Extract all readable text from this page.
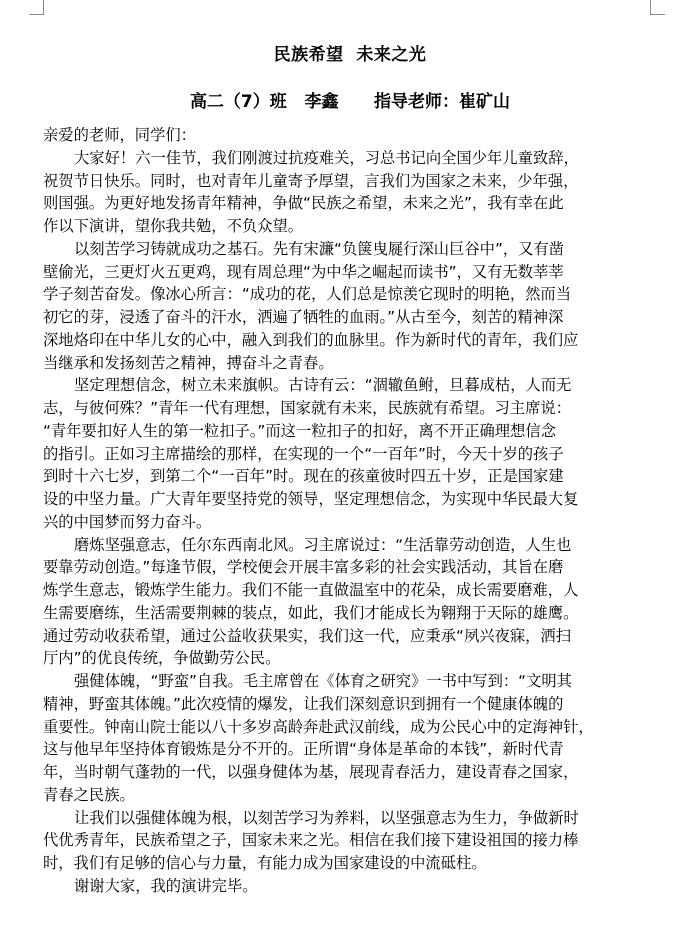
民族希望  未来之光
高二（7）班   李鑫      指导老师：崔矿山
亲爱的老师，同学们：
大家好！六一佳节，我们刚渡过抗疫难关，习总书记向全国少年儿童致辞，
祝贺节日快乐。同时，也对青年儿童寄予厚望，言我们为国家之未来，少年强，
则国强。为更好地发扬青年精神，争做“民族之希望，未来之光”，我有幸在此
作以下演讲，望你我共勉，不负众望。
以刻苦学习铸就成功之基石。先有宋濂“负箧曳屣行深山巨谷中”，又有凿
壁偷光，三更灯火五更鸡，现有周总理“为中华之崛起而读书”，又有无数莘莘
学子刻苦奋发。像冰心所言：“成功的花，人们总是惊羡它现时的明艳，然而当
初它的芽，浸透了奋斗的汗水，洒遍了牺牲的血雨。”从古至今，刻苦的精神深
深地烙印在中华儿女的心中，融入到我们的血脉里。作为新时代的青年，我们应
当继承和发扬刻苦之精神，搏奋斗之青春。
坚定理想信念，树立未来旗帜。古诗有云：“涸辙鱼鲋，旦暮成枯，人而无
志，与彼何殊？”青年一代有理想，国家就有未来，民族就有希望。习主席说：
“青年要扣好人生的第一粒扣子。”而这一粒扣子的扣好，离不开正确理想信念
的指引。正如习主席描绘的那样，在实现的一个“一百年”时，今天十岁的孩子
到时十六七岁，到第二个“一百年”时。现在的孩童彼时四五十岁，正是国家建
设的中坚力量。广大青年要坚持党的领导，坚定理想信念，为实现中华民最大复
兴的中国梦而努力奋斗。
磨炼坚强意志，任尔东西南北风。习主席说过：“生活靠劳动创造，人生也
要靠劳动创造。”每逢节假，学校便会开展丰富多彩的社会实践活动，其旨在磨
炼学生意志，锻炼学生能力。我们不能一直做温室中的花朵，成长需要磨难，人
生需要磨练，生活需要荆棘的装点，如此，我们才能成长为翱翔于天际的雄鹰。
通过劳动收获希望，通过公益收获果实，我们这一代，应秉承“夙兴夜寐，洒扫
厅内”的优良传统，争做勤劳公民。
强健体魄，“野蛮”自我。毛主席曾在《体育之研究》一书中写到：“文明其
精神，野蛮其体魄。”此次疫情的爆发，让我们深刻意识到拥有一个健康体魄的
重要性。钟南山院士能以八十多岁高龄奔赴武汉前线，成为公民心中的定海神针，
这与他早年坚持体育锻炼是分不开的。正所谓“身体是革命的本钱”，新时代青
年，当时朝气蓬勃的一代，以强身健体为基，展现青春活力，建设青春之国家，
青春之民族。
让我们以强健体魄为根，以刻苦学习为养料，以坚强意志为生力，争做新时
代优秀青年，民族希望之子，国家未来之光。相信在我们接下建设祖国的接力棒
时，我们有足够的信心与力量，有能力成为国家建设的中流砥柱。
谢谢大家，我的演讲完毕。
